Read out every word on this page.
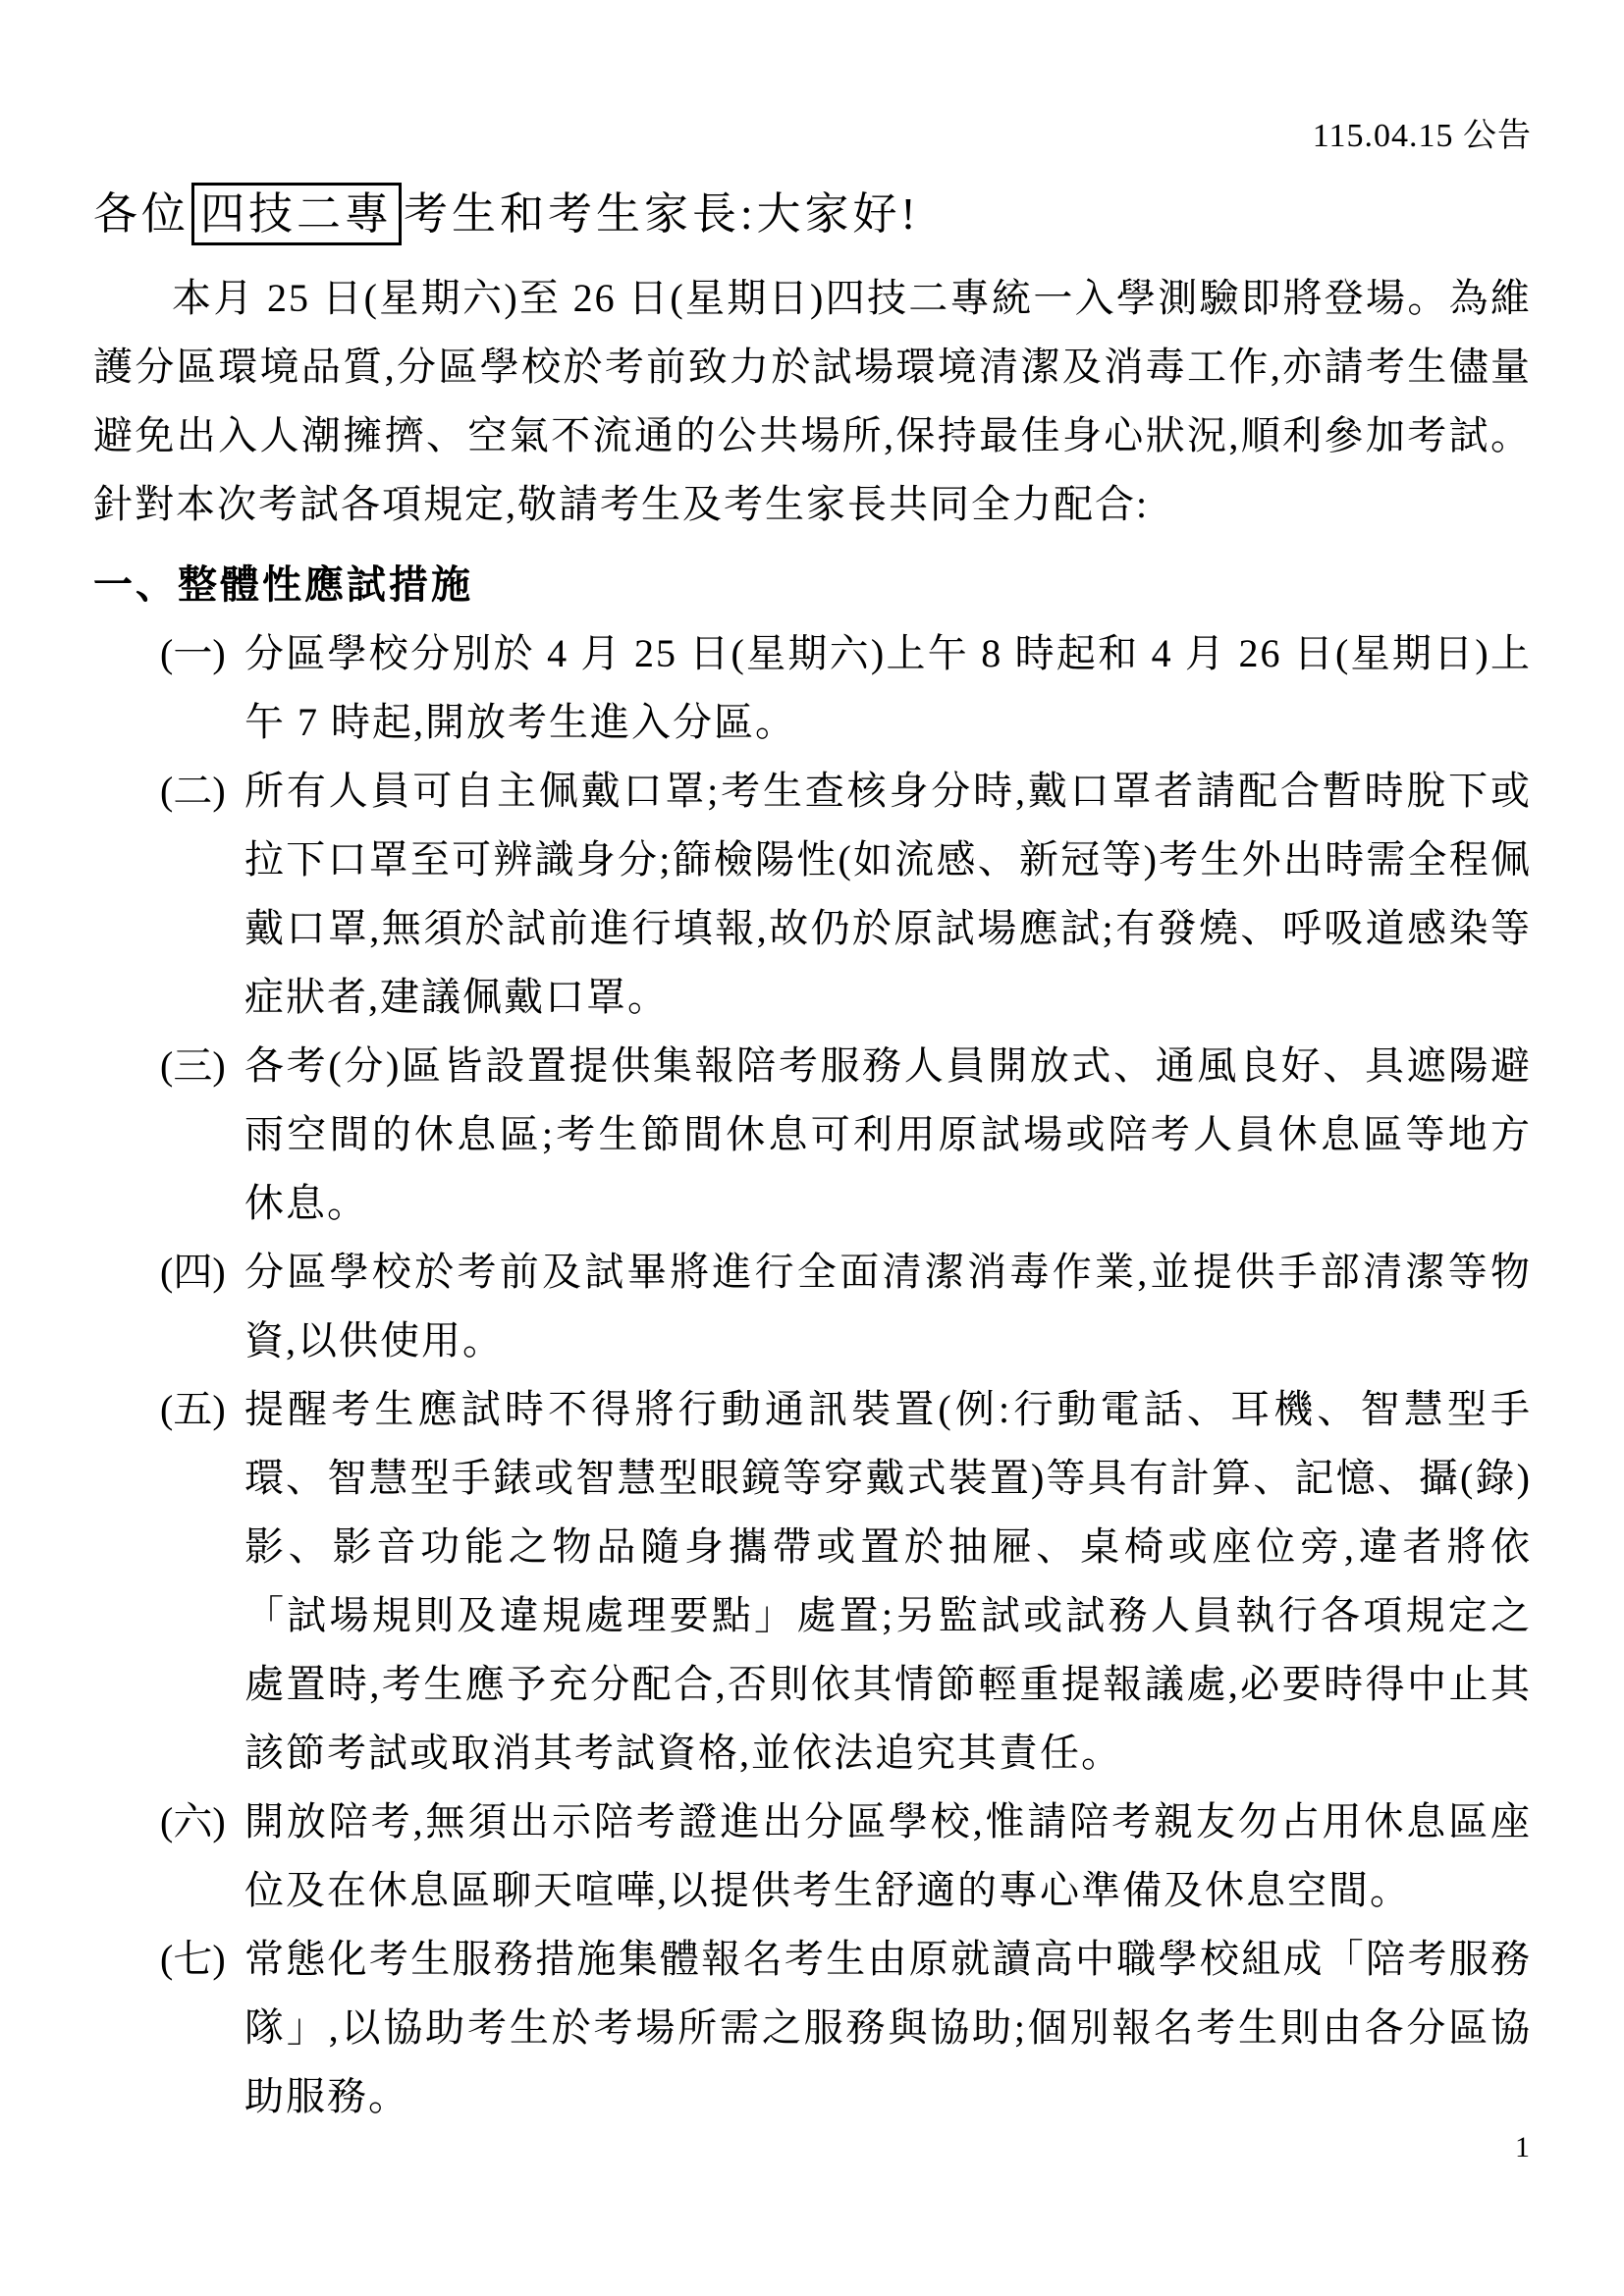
115.04.15 公告
各位 四技二專 考生和考生家長:大家好!
本月 25 日(星期六)至 26 日(星期日)四技二專統一入學測驗即將登場。為維護分區環境品質,分區學校於考前致力於試場環境清潔及消毒工作,亦請考生儘量避免出入人潮擁擠、空氣不流通的公共場所,保持最佳身心狀況,順利參加考試。針對本次考試各項規定,敬請考生及考生家長共同全力配合:
一、整體性應試措施
(一) 分區學校分別於 4 月 25 日(星期六)上午 8 時起和 4 月 26 日(星期日)上午 7 時起,開放考生進入分區。
(二) 所有人員可自主佩戴口罩;考生查核身分時,戴口罩者請配合暫時脫下或拉下口罩至可辨識身分;篩檢陽性(如流感、新冠等)考生外出時需全程佩戴口罩,無須於試前進行填報,故仍於原試場應試;有發燒、呼吸道感染等症狀者,建議佩戴口罩。
(三) 各考(分)區皆設置提供集報陪考服務人員開放式、通風良好、具遮陽避雨空間的休息區;考生節間休息可利用原試場或陪考人員休息區等地方休息。
(四) 分區學校於考前及試畢將進行全面清潔消毒作業,並提供手部清潔等物資,以供使用。
(五) 提醒考生應試時不得將行動通訊裝置(例:行動電話、耳機、智慧型手環、智慧型手錶或智慧型眼鏡等穿戴式裝置)等具有計算、記憶、攝(錄)影、影音功能之物品隨身攜帶或置於抽屜、桌椅或座位旁,違者將依「試場規則及違規處理要點」處置;另監試或試務人員執行各項規定之處置時,考生應予充分配合,否則依其情節輕重提報議處,必要時得中止其該節考試或取消其考試資格,並依法追究其責任。
(六) 開放陪考,無須出示陪考證進出分區學校,惟請陪考親友勿占用休息區座位及在休息區聊天喧嘩,以提供考生舒適的專心準備及休息空間。
(七) 常態化考生服務措施集體報名考生由原就讀高中職學校組成「陪考服務隊」,以協助考生於考場所需之服務與協助;個別報名考生則由各分區協助服務。
1
